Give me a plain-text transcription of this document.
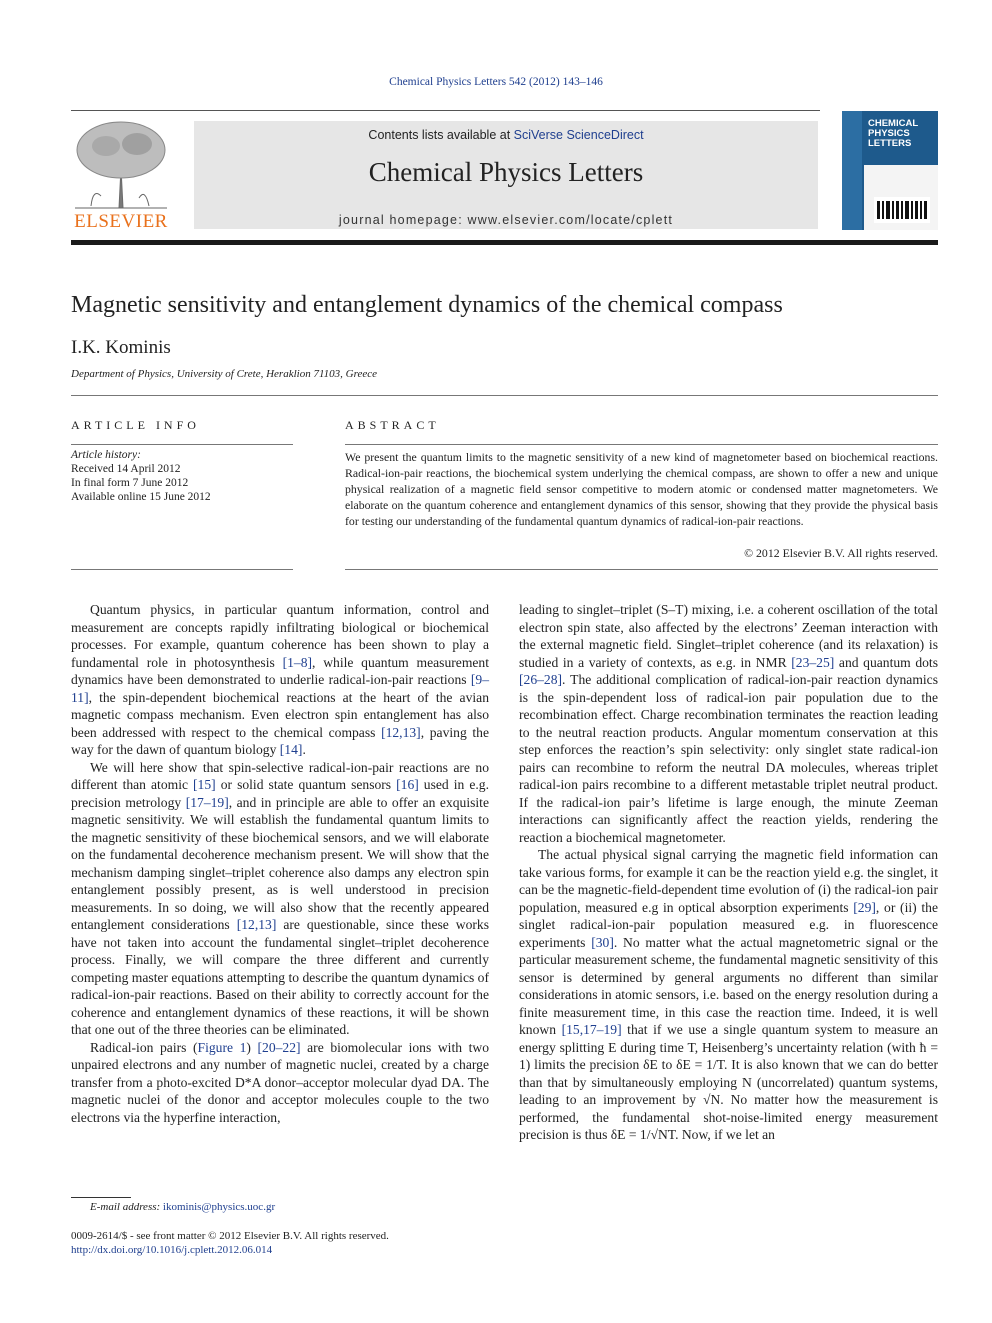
Chemical Physics Letters 542 (2012) 143–146
ELSEVIER
Contents lists available at SciVerse ScienceDirect
Chemical Physics Letters
journal homepage: www.elsevier.com/locate/cplett
CHEMICAL
PHYSICS
LETTERS
Magnetic sensitivity and entanglement dynamics of the chemical compass
I.K. Kominis
Department of Physics, University of Crete, Heraklion 71103, Greece
ARTICLE INFO	ABSTRACT
Article history:
Received 14 April 2012
In final form 7 June 2012
Available online 15 June 2012
We present the quantum limits to the magnetic sensitivity of a new kind of magnetometer based on biochemical reactions. Radical-ion-pair reactions, the biochemical system underlying the chemical compass, are shown to offer a new and unique physical realization of a magnetic field sensor competitive to modern atomic or condensed matter magnetometers. We elaborate on the quantum coherence and entanglement dynamics of this sensor, showing that they provide the physical basis for testing our understanding of the fundamental quantum dynamics of radical-ion-pair reactions.
© 2012 Elsevier B.V. All rights reserved.

Quantum physics, in particular quantum information, control and measurement are concepts rapidly infiltrating biological or biochemical processes. For example, quantum coherence has been shown to play a fundamental role in photosynthesis [1–8], while quantum measurement dynamics have been demonstrated to underlie radical-ion-pair reactions [9–11], the spin-dependent biochemical reactions at the heart of the avian magnetic compass mechanism. Even electron spin entanglement has also been addressed with respect to the chemical compass [12,13], paving the way for the dawn of quantum biology [14].

We will here show that spin-selective radical-ion-pair reactions are no different than atomic [15] or solid state quantum sensors [16] used in e.g. precision metrology [17–19], and in principle are able to offer an exquisite magnetic sensitivity. We will establish the fundamental quantum limits to the magnetic sensitivity of these biochemical sensors, and we will elaborate on the fundamental decoherence mechanism present. We will show that the mechanism damping singlet–triplet coherence also damps any electron spin entanglement possibly present, as is well understood in precision measurements. In so doing, we will also show that the recently appeared entanglement considerations [12,13] are questionable, since these works have not taken into account the fundamental singlet–triplet decoherence process. Finally, we will compare the three different and currently competing master equations attempting to describe the quantum dynamics of radical-ion-pair reactions. Based on their ability to correctly account for the coherence and entanglement dynamics of these reactions, it will be shown that one out of the three theories can be eliminated.

Radical-ion pairs (Figure 1) [20–22] are biomolecular ions with two unpaired electrons and any number of magnetic nuclei, created by a charge transfer from a photo-excited D*A donor–acceptor molecular dyad DA. The magnetic nuclei of the donor and acceptor molecules couple to the two electrons via the hyperfine interaction,

leading to singlet–triplet (S–T) mixing, i.e. a coherent oscillation of the total electron spin state, also affected by the electrons’ Zeeman interaction with the external magnetic field. Singlet–triplet coherence (and its relaxation) is studied in a variety of contexts, as e.g. in NMR [23–25] and quantum dots [26–28]. The additional complication of radical-ion-pair reaction dynamics is the spin-dependent loss of radical-ion pair population due to the recombination effect. Charge recombination terminates the reaction leading to the neutral reaction products. Angular momentum conservation at this step enforces the reaction’s spin selectivity: only singlet state radical-ion pairs can recombine to reform the neutral DA molecules, whereas triplet radical-ion pairs recombine to a different metastable triplet neutral product. If the radical-ion pair’s lifetime is large enough, the minute Zeeman interactions can significantly affect the reaction yields, rendering the reaction a biochemical magnetometer.

The actual physical signal carrying the magnetic field information can take various forms, for example it can be the reaction yield e.g. the singlet, it can be the magnetic-field-dependent time evolution of (i) the radical-ion pair population, measured e.g in optical absorption experiments [29], or (ii) the singlet radical-ion-pair population measured e.g. in fluorescence experiments [30]. No matter what the actual magnetometric signal or the particular measurement scheme, the fundamental magnetic sensitivity of this sensor is determined by general arguments no different than similar considerations in atomic sensors, i.e. based on the energy resolution during a finite measurement time, in this case the reaction time. Indeed, it is well known [15,17–19] that if we use a single quantum system to measure an energy splitting E during time T, Heisenberg’s uncertainty relation (with ħ = 1) limits the precision δE to δE = 1/T. It is also known that we can do better than that by simultaneously employing N (uncorrelated) quantum systems, leading to an improvement by √N. No matter how the measurement is performed, the fundamental shot-noise-limited energy measurement precision is thus δE = 1/√NT. Now, if we let an

E-mail address: ikominis@physics.uoc.gr
0009-2614/$ - see front matter © 2012 Elsevier B.V. All rights reserved.
http://dx.doi.org/10.1016/j.cplett.2012.06.014
